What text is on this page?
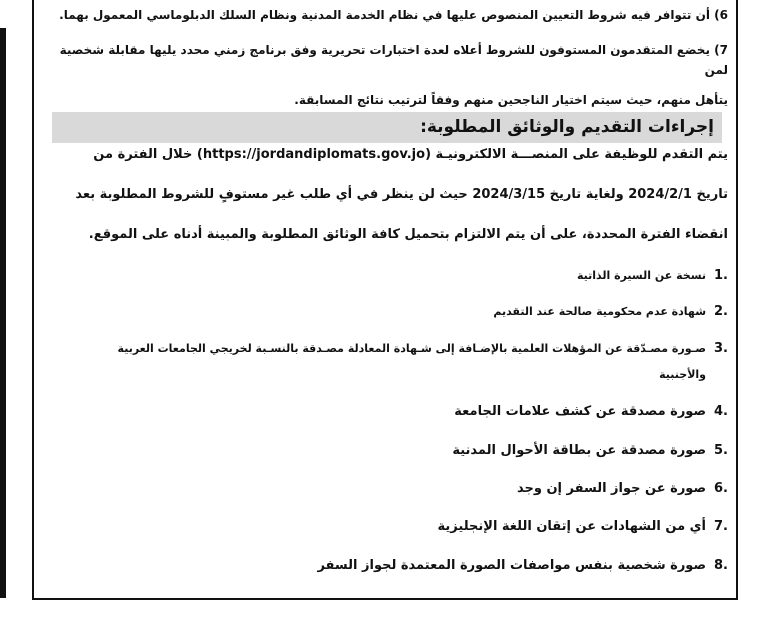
6) أن تتوافر فيه شروط التعيين المنصوص عليها في نظام الخدمة المدنية ونظام السلك الدبلوماسي المعمول بهما.

7) يخضع المتقدمون المستوفون للشروط أعلاه لعدة اختبارات تحريرية وفق برنامج زمني محدد يليها مقابلة شخصية لمن

يتأهل منهم، حيث سيتم اختيار الناجحين منهم وفقاً لترتيب نتائج المسابقة.

إجراءات التقديم والوثائق المطلوبة:
يتم التقدم للوظيفة على المنصـــة الالكترونيـة (https://jordandiplomats.gov.jo) خلال الفترة من
تاريخ 2024/2/1 ولغاية تاريخ 2024/3/15 حيث لن ينظر في أي طلب غير مستوفٍ للشروط المطلوبة بعد
انقضاء الفترة المحددة، على أن يتم الالتزام بتحميل كافة الوثائق المطلوبة والمبينة أدناه على الموقع.
1.
نسخة عن السيرة الذاتية
2.
شهادة عدم محكومية صالحة عند التقديم
3.
صـورة مصـدّقة عن المؤهلات العلمية بالإضـافة إلى شـهادة المعادلة مصـدقة بالنسـبة لخريجي الجامعات العربية
والأجنبية
4.
صورة مصدقة عن كشف علامات الجامعة
5.
صورة مصدقة عن بطاقة الأحوال المدنية
6.
صورة عن جواز السفر إن وجد
7.
أي من الشهادات عن إتقان اللغة الإنجليزية
8.
صورة شخصية بنفس مواصفات الصورة المعتمدة لجواز السفر
